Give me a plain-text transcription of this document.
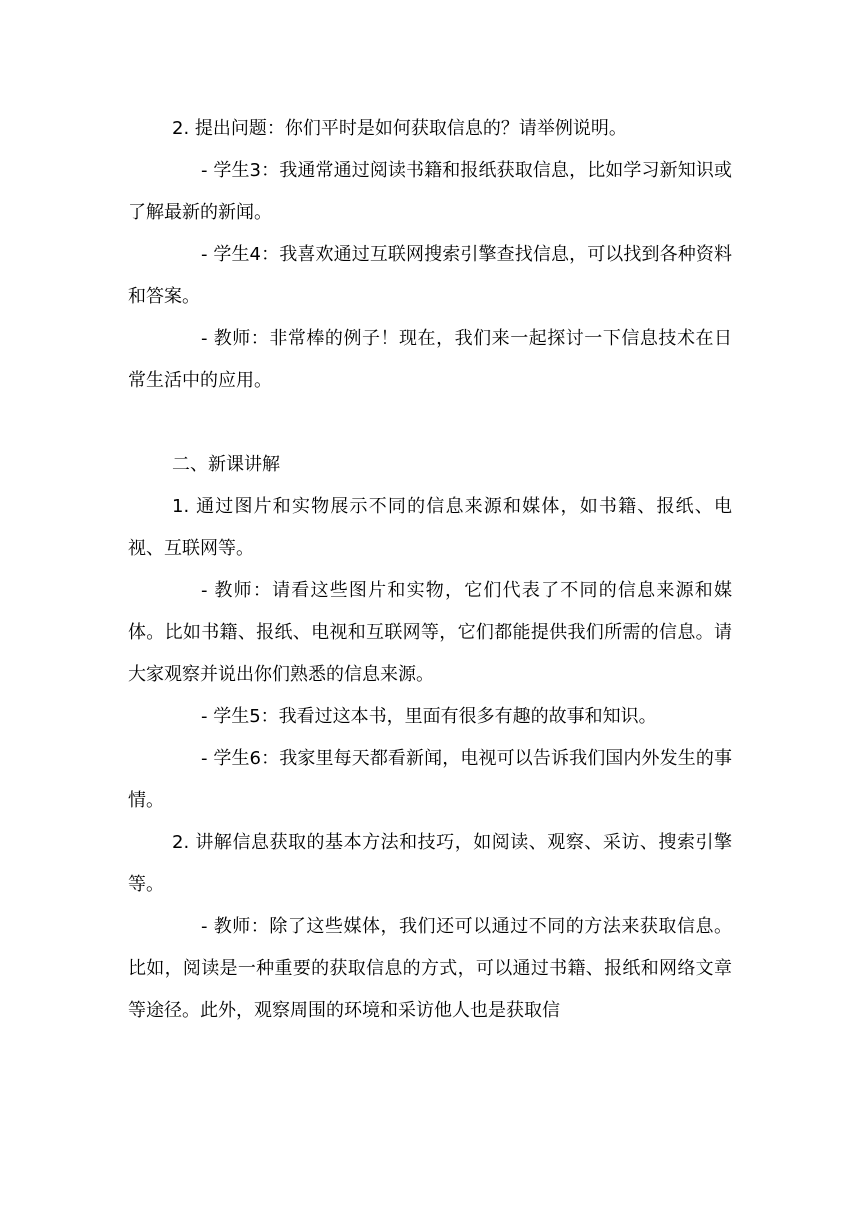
2. 提出问题：你们平时是如何获取信息的？请举例说明。

- 学生3：我通常通过阅读书籍和报纸获取信息，比如学习新知识或了解最新的新闻。

- 学生4：我喜欢通过互联网搜索引擎查找信息，可以找到各种资料和答案。

- 教师：非常棒的例子！现在，我们来一起探讨一下信息技术在日常生活中的应用。

二、新课讲解

1. 通过图片和实物展示不同的信息来源和媒体，如书籍、报纸、电视、互联网等。

- 教师：请看这些图片和实物，它们代表了不同的信息来源和媒体。比如书籍、报纸、电视和互联网等，它们都能提供我们所需的信息。请大家观察并说出你们熟悉的信息来源。

- 学生5：我看过这本书，里面有很多有趣的故事和知识。

- 学生6：我家里每天都看新闻，电视可以告诉我们国内外发生的事情。

2. 讲解信息获取的基本方法和技巧，如阅读、观察、采访、搜索引擎等。

- 教师：除了这些媒体，我们还可以通过不同的方法来获取信息。比如，阅读是一种重要的获取信息的方式，可以通过书籍、报纸和网络文章等途径。此外，观察周围的环境和采访他人也是获取信
